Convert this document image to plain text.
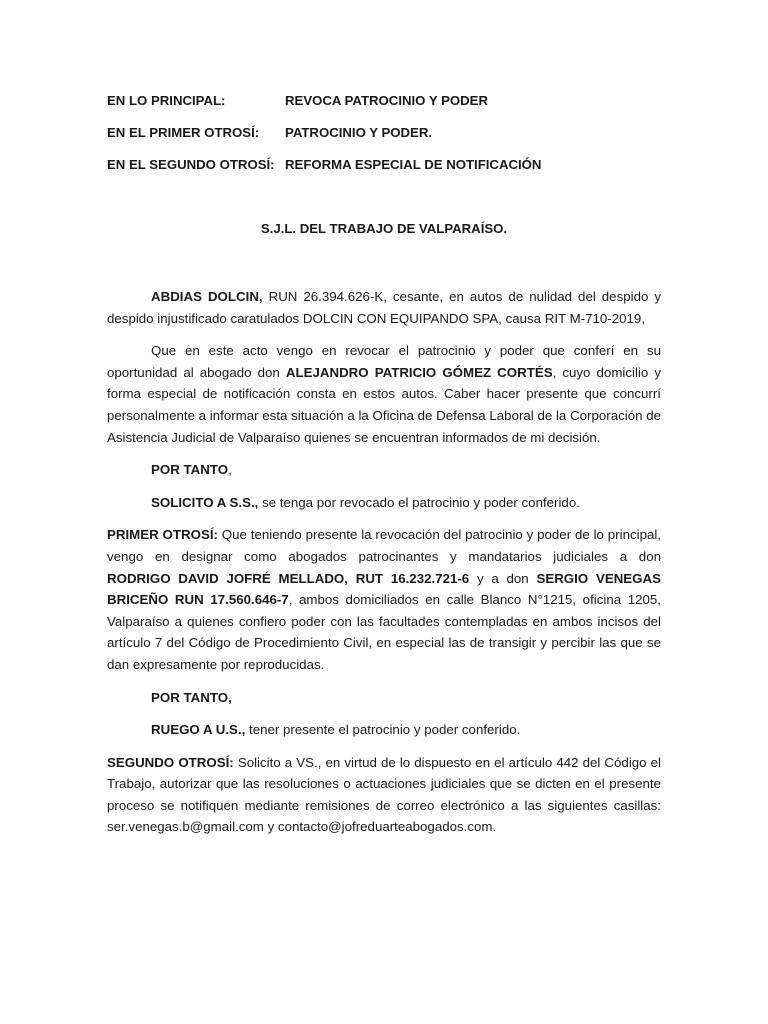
EN LO PRINCIPAL:	REVOCA PATROCINIO Y PODER
EN EL PRIMER OTROSÍ: PATROCINIO Y PODER.
EN EL SEGUNDO OTROSÍ: REFORMA ESPECIAL DE NOTIFICACIÓN
S.J.L. DEL TRABAJO DE VALPARAÍSO.

ABDIAS DOLCIN, RUN 26.394.626-K, cesante, en autos de nulidad del despido y despido injustificado caratulados DOLCIN CON EQUIPANDO SPA, causa RIT M-710-2019,

Que en este acto vengo en revocar el patrocinio y poder que conferí en su oportunidad al abogado don ALEJANDRO PATRICIO GÓMEZ CORTÉS, cuyo domicilio y forma especial de notificación consta en estos autos. Caber hacer presente que concurrí personalmente a informar esta situación a la Oficina de Defensa Laboral de la Corporación de Asistencia Judicial de Valparaíso quienes se encuentran informados de mi decisión.

POR TANTO,

SOLICITO A S.S., se tenga por revocado el patrocinio y poder conferido.

PRIMER OTROSÍ: Que teniendo presente la revocación del patrocinio y poder de lo principal, vengo en designar como abogados patrocinantes y mandatarios judiciales a don RODRIGO DAVID JOFRÉ MELLADO, RUT 16.232.721-6 y a don SERGIO VENEGAS BRICEÑO RUN 17.560.646-7, ambos domiciliados en calle Blanco N°1215, oficina 1205, Valparaíso a quienes confiero poder con las facultades contempladas en ambos incisos del artículo 7 del Código de Procedimiento Civil, en especial las de transigir y percibir las que se dan expresamente por reproducidas.

POR TANTO,

RUEGO A U.S., tener presente el patrocinio y poder conferido.

SEGUNDO OTROSÍ: Solicito a VS., en virtud de lo dispuesto en el artículo 442 del Código el Trabajo, autorizar que las resoluciones o actuaciones judiciales que se dicten en el presente proceso se notifiquen mediante remisiones de correo electrónico a las siguientes casillas: ser.venegas.b@gmail.com y contacto@jofreduarteabogados.com.
